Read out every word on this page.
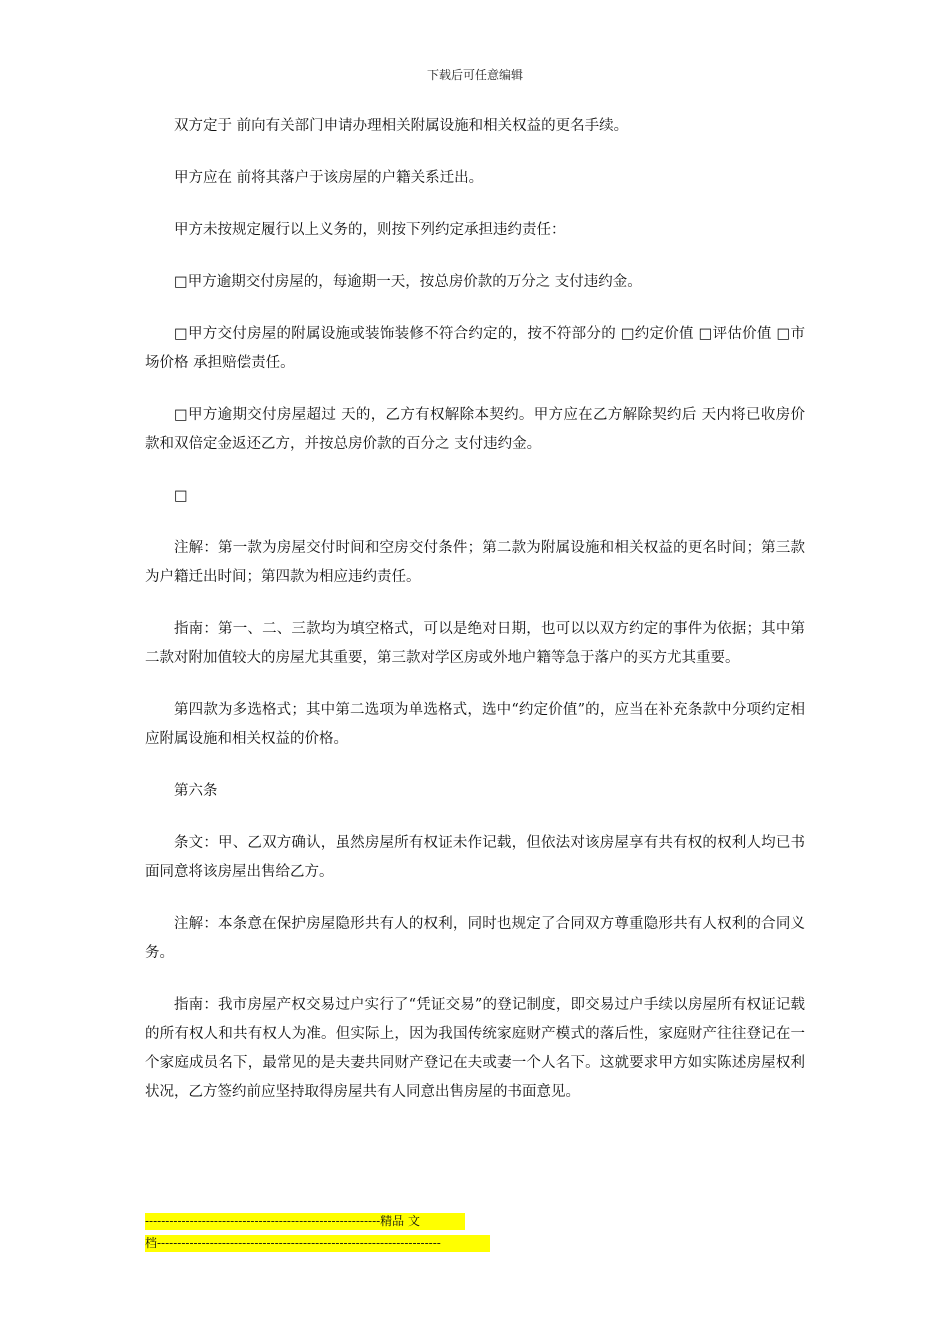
下载后可任意编辑

双方定于 前向有关部门申请办理相关附属设施和相关权益的更名手续。

甲方应在 前将其落户于该房屋的户籍关系迁出。

甲方未按规定履行以上义务的，则按下列约定承担违约责任：

□甲方逾期交付房屋的，每逾期一天，按总房价款的万分之 支付违约金。

□甲方交付房屋的附属设施或装饰装修不符合约定的，按不符部分的 □约定价值 □评估价值 □市场价格 承担赔偿责任。

□甲方逾期交付房屋超过 天的，乙方有权解除本契约。甲方应在乙方解除契约后 天内将已收房价款和双倍定金返还乙方，并按总房价款的百分之 支付违约金。

□

注解：第一款为房屋交付时间和空房交付条件；第二款为附属设施和相关权益的更名时间；第三款为户籍迁出时间；第四款为相应违约责任。

指南：第一、二、三款均为填空格式，可以是绝对日期，也可以以双方约定的事件为依据；其中第二款对附加值较大的房屋尤其重要，第三款对学区房或外地户籍等急于落户的买方尤其重要。

第四款为多选格式；其中第二选项为单选格式，选中“约定价值”的，应当在补充条款中分项约定相应附属设施和相关权益的价格。

第六条

条文：甲、乙双方确认，虽然房屋所有权证未作记载，但依法对该房屋享有共有权的权利人均已书面同意将该房屋出售给乙方。

注解：本条意在保护房屋隐形共有人的权利，同时也规定了合同双方尊重隐形共有人权利的合同义务。

指南：我市房屋产权交易过户实行了“凭证交易”的登记制度，即交易过户手续以房屋所有权证记载的所有权人和共有权人为准。但实际上，因为我国传统家庭财产模式的落后性，家庭财产往往登记在一个家庭成员名下，最常见的是夫妻共同财产登记在夫或妻一个人名下。这就要求甲方如实陈述房屋权利状况，乙方签约前应坚持取得房屋共有人同意出售房屋的书面意见。

----------------------------------------------------------精品 文
档----------------------------------------------------------------------
